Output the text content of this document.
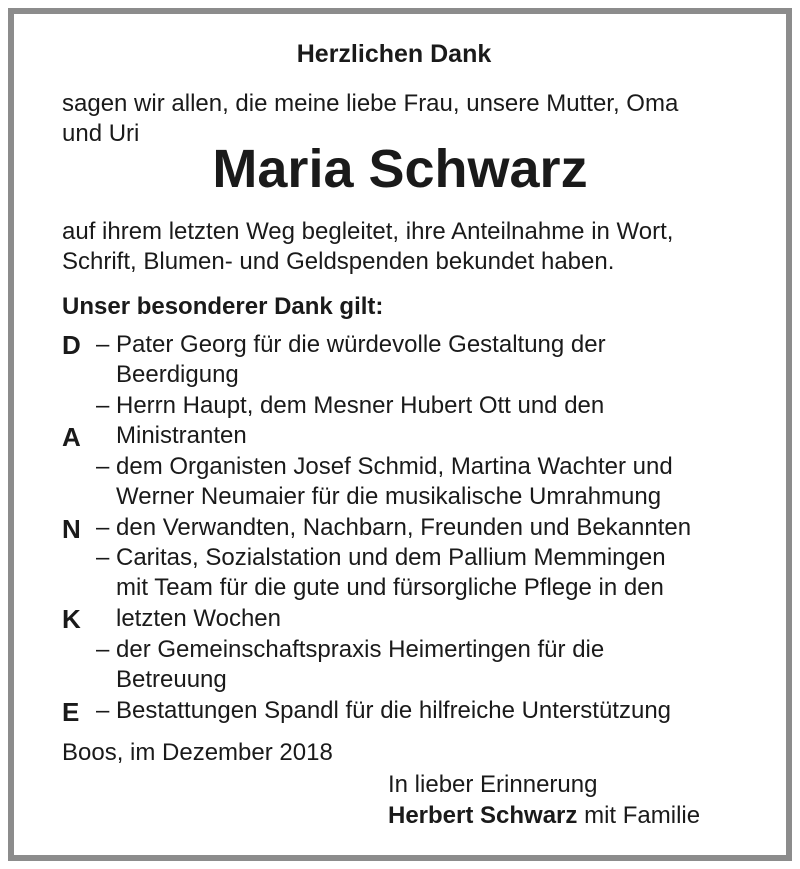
Herzlichen Dank
sagen wir allen, die meine liebe Frau, unsere Mutter, Oma
und Uri
Maria Schwarz
auf ihrem letzten Weg begleitet, ihre Anteilnahme in Wort,
Schrift, Blumen- und Geldspenden bekundet haben.
Unser besonderer Dank gilt:
D
A
N
K
E
– Pater Georg für die würdevolle Gestaltung der
Beerdigung
– Herrn Haupt, dem Mesner Hubert Ott und den
Ministranten
– dem Organisten Josef Schmid, Martina Wachter und
Werner Neumaier für die musikalische Umrahmung
– den Verwandten, Nachbarn, Freunden und Bekannten
– Caritas, Sozialstation und dem Pallium Memmingen
mit Team für die gute und fürsorgliche Pflege in den
letzten Wochen
– der Gemeinschaftspraxis Heimertingen für die
Betreuung
– Bestattungen Spandl für die hilfreiche Unterstützung
Boos, im Dezember 2018
In lieber Erinnerung
Herbert Schwarz mit Familie
